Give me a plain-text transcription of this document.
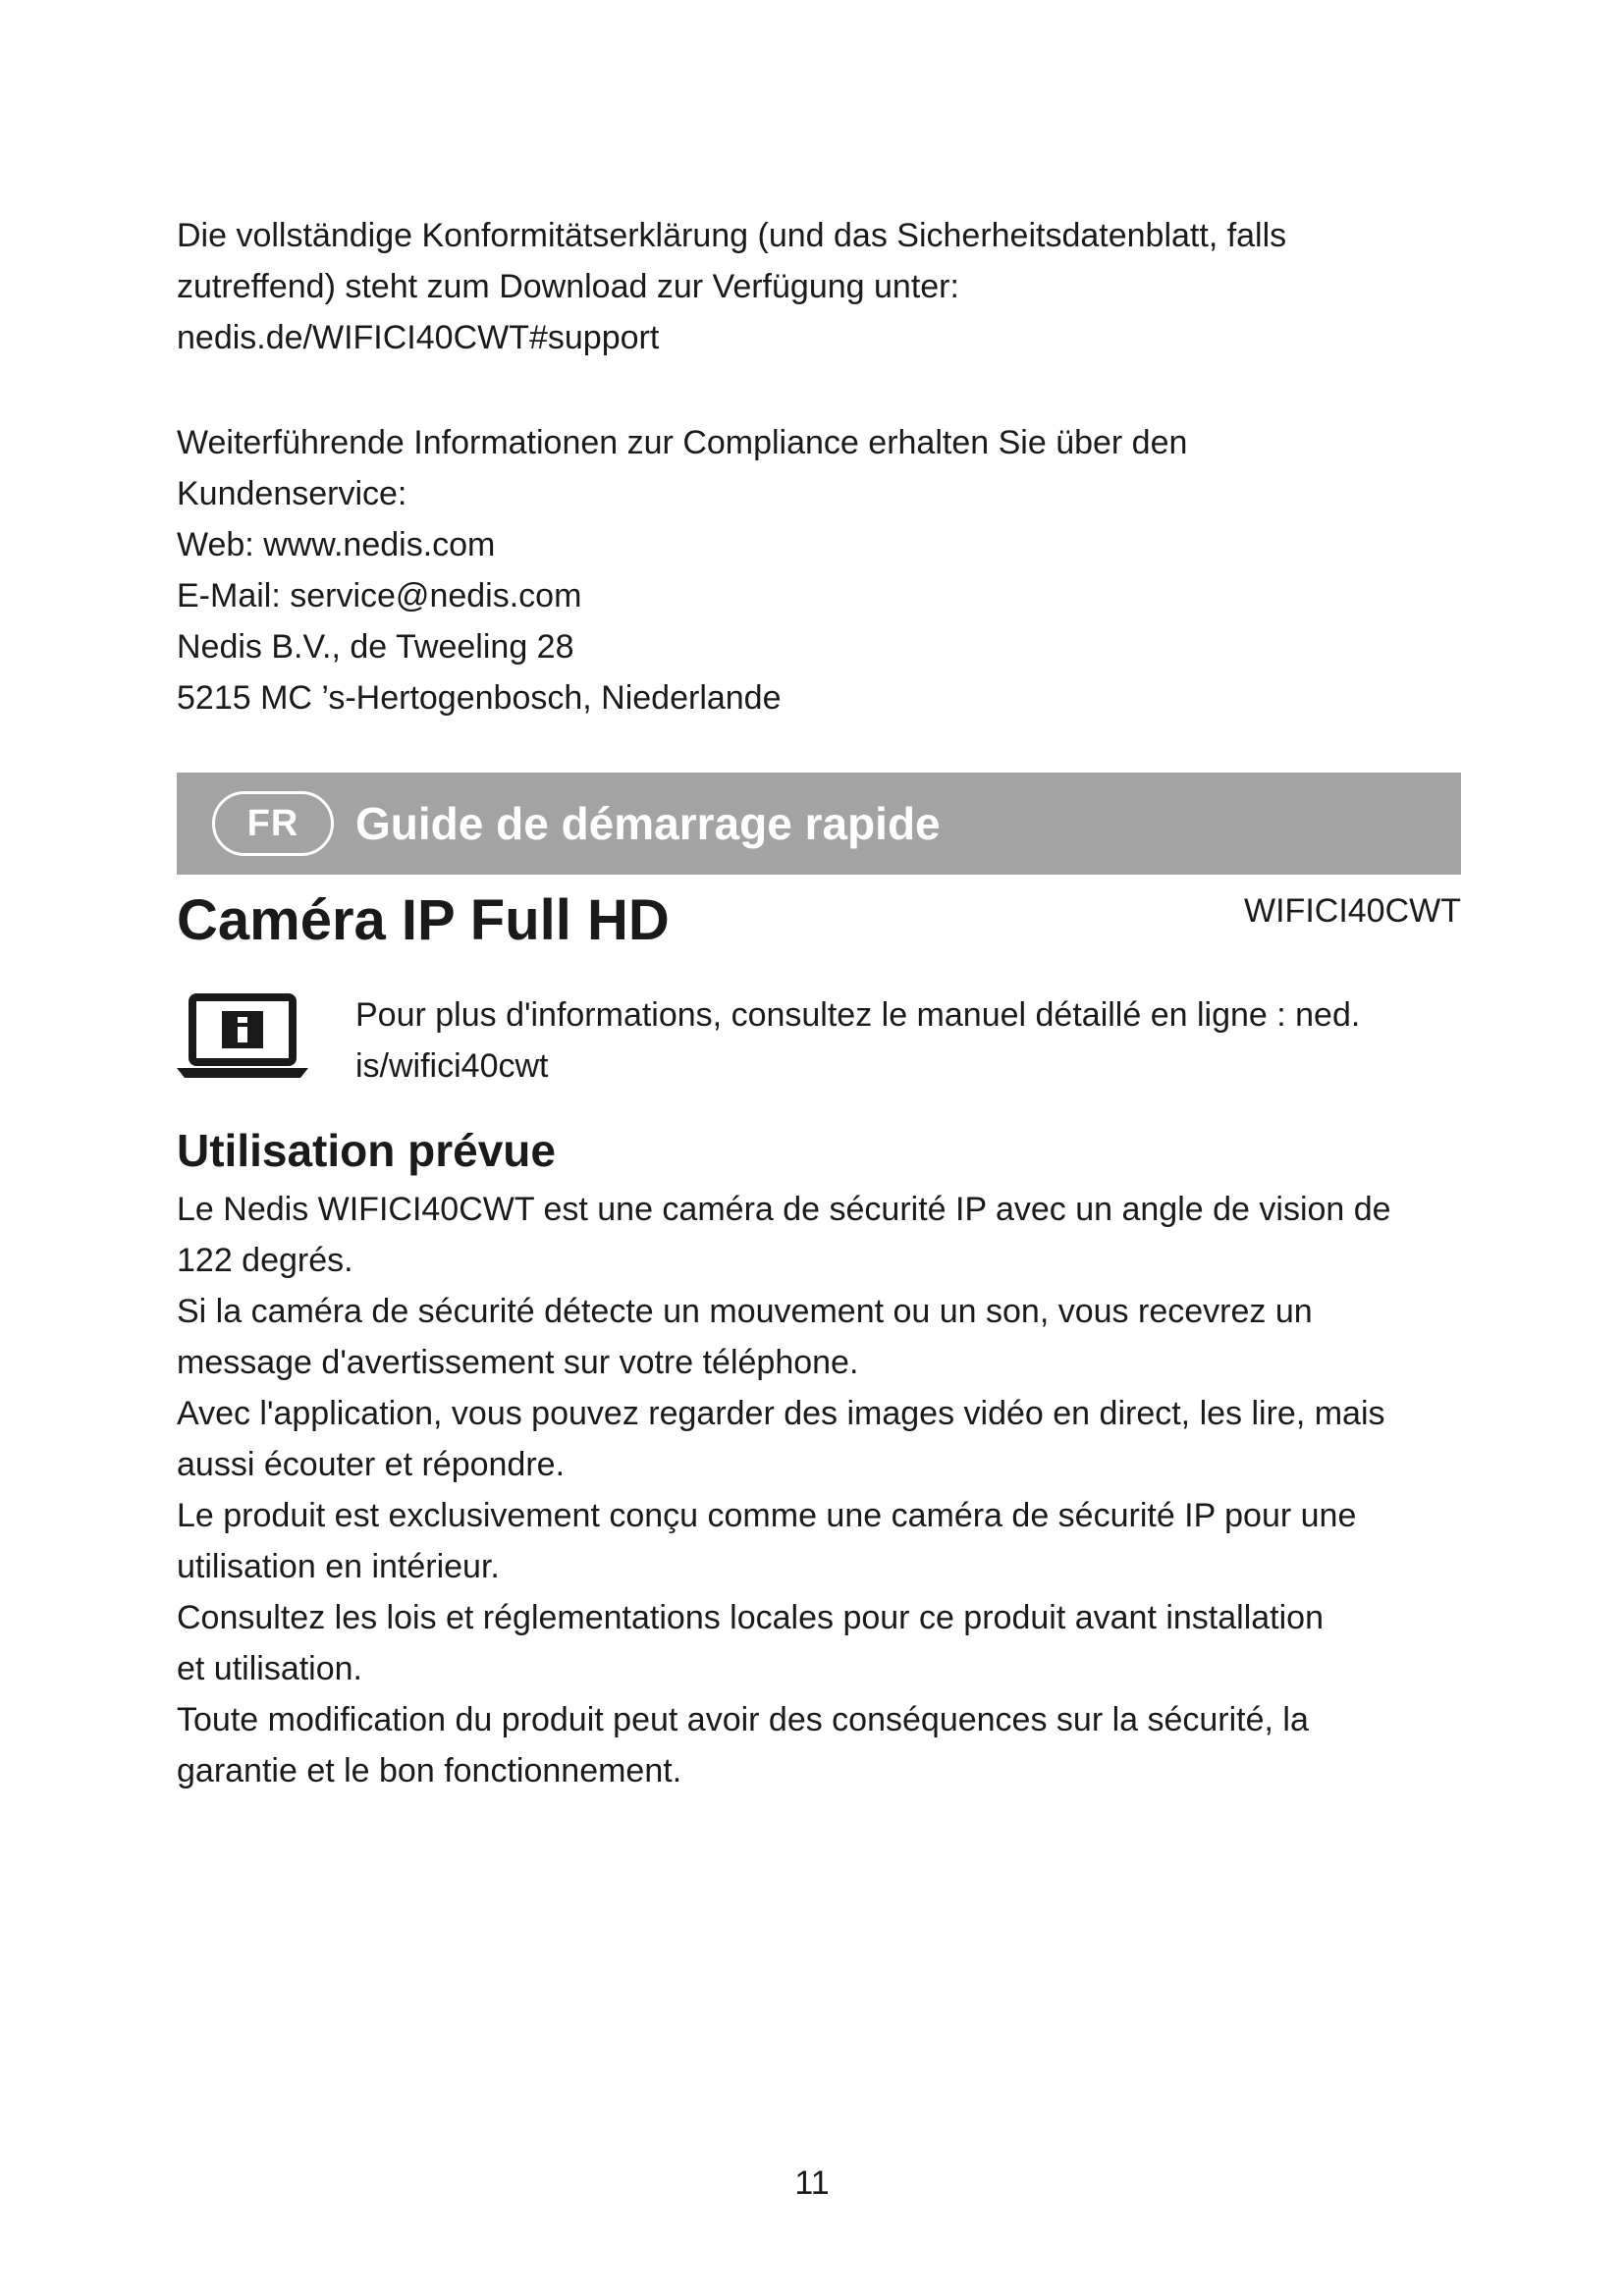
Die vollständige Konformitätserklärung (und das Sicherheitsdatenblatt, falls

zutreffend) steht zum Download zur Verfügung unter:

nedis.de/WIFICI40CWT#support

Weiterführende Informationen zur Compliance erhalten Sie über den

Kundenservice:

Web: www.nedis.com

E-Mail: service@nedis.com

Nedis B.V., de Tweeling 28

5215 MC ’s-Hertogenbosch, Niederlande

FR	Guide de démarrage rapide
Caméra IP Full HD	WIFICI40CWT

Pour plus d'informations, consultez le manuel détaillé en ligne : ned.

is/wifici40cwt

Utilisation prévue

Le Nedis WIFICI40CWT est une caméra de sécurité IP avec un angle de vision de

122 degrés.

Si la caméra de sécurité détecte un mouvement ou un son, vous recevrez un

message d'avertissement sur votre téléphone.

Avec l'application, vous pouvez regarder des images vidéo en direct, les lire, mais

aussi écouter et répondre.

Le produit est exclusivement conçu comme une caméra de sécurité IP pour une

utilisation en intérieur.

Consultez les lois et réglementations locales pour ce produit avant installation

et utilisation.

Toute modification du produit peut avoir des conséquences sur la sécurité, la

garantie et le bon fonctionnement.

11
